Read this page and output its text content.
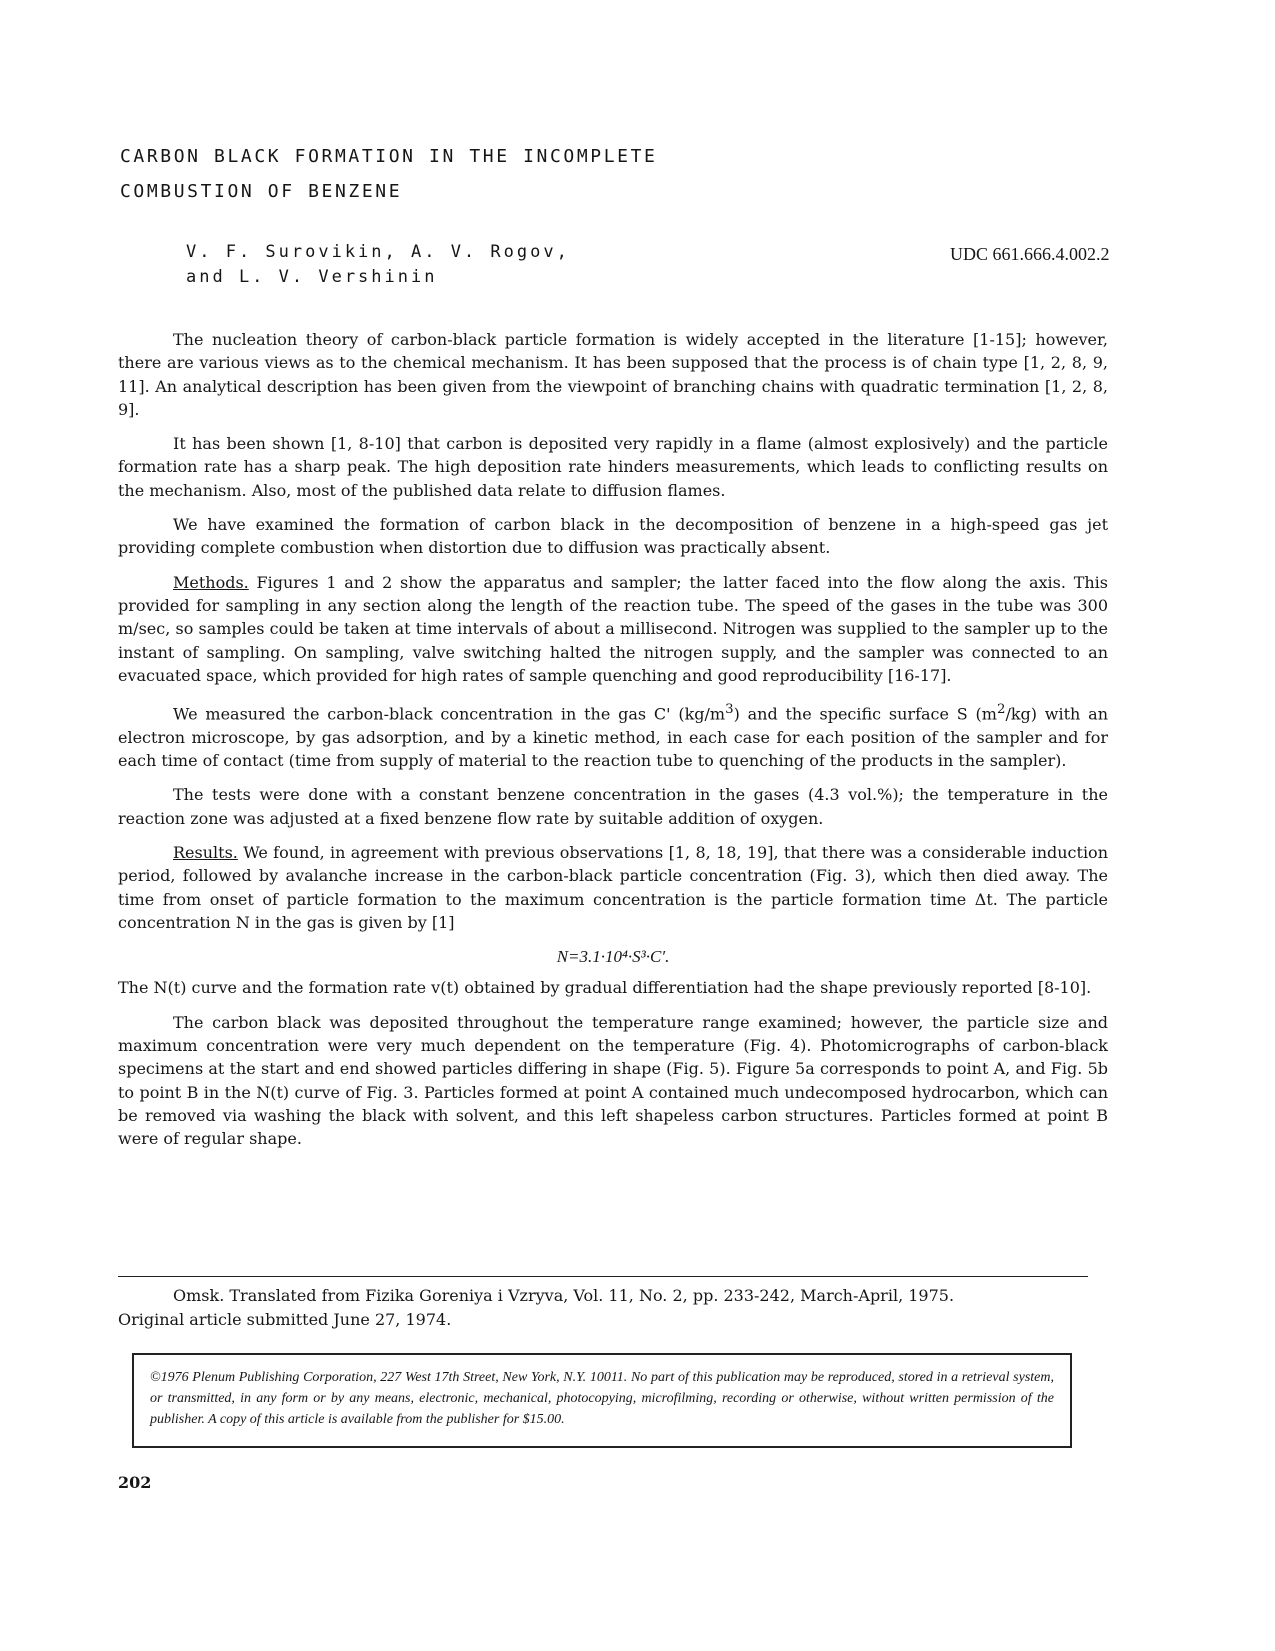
CARBON BLACK FORMATION IN THE INCOMPLETE
COMBUSTION OF BENZENE
V. F. Surovikin, A. V. Rogov,
and L. V. Vershinin
UDC 661.666.4.002.2

The nucleation theory of carbon-black particle formation is widely accepted in the literature [1-15]; however, there are various views as to the chemical mechanism. It has been supposed that the process is of chain type [1, 2, 8, 9, 11]. An analytical description has been given from the viewpoint of branching chains with quadratic termination [1, 2, 8, 9].

It has been shown [1, 8-10] that carbon is deposited very rapidly in a flame (almost explosively) and the particle formation rate has a sharp peak. The high deposition rate hinders measurements, which leads to conflicting results on the mechanism. Also, most of the published data relate to diffusion flames.

We have examined the formation of carbon black in the decomposition of benzene in a high-speed gas jet providing complete combustion when distortion due to diffusion was practically absent.

Methods. Figures 1 and 2 show the apparatus and sampler; the latter faced into the flow along the axis. This provided for sampling in any section along the length of the reaction tube. The speed of the gases in the tube was 300 m/sec, so samples could be taken at time intervals of about a millisecond. Nitrogen was supplied to the sampler up to the instant of sampling. On sampling, valve switching halted the nitrogen supply, and the sampler was connected to an evacuated space, which provided for high rates of sample quenching and good reproducibility [16-17].

We measured the carbon-black concentration in the gas C' $(kg/m^3)$ and the specific surface S $(m^2/kg)$ with an electron microscope, by gas adsorption, and by a kinetic method, in each case for each position of the sampler and for each time of contact (time from supply of material to the reaction tube to quenching of the products in the sampler).

The tests were done with a constant benzene concentration in the gases (4.3 vol.%); the temperature in the reaction zone was adjusted at a fixed benzene flow rate by suitable addition of oxygen.

Results. We found, in agreement with previous observations [1, 8, 18, 19], that there was a considerable induction period, followed by avalanche increase in the carbon-black particle concentration (Fig. 3), which then died away. The time from onset of particle formation to the maximum concentration is the particle formation time Δt. The particle concentration N in the gas is given by [1]

N=3.1·10⁴·S³·C′.

The N(t) curve and the formation rate v(t) obtained by gradual differentiation had the shape previously reported [8-10].

The carbon black was deposited throughout the temperature range examined; however, the particle size and maximum concentration were very much dependent on the temperature (Fig. 4). Photomicrographs of carbon-black specimens at the start and end showed particles differing in shape (Fig. 5). Figure 5a corresponds to point A, and Fig. 5b to point B in the N(t) curve of Fig. 3. Particles formed at point A contained much undecomposed hydrocarbon, which can be removed via washing the black with solvent, and this left shapeless carbon structures. Particles formed at point B were of regular shape.

Omsk. Translated from Fizika Goreniya i Vzryva, Vol. 11, No. 2, pp. 233-242, March-April, 1975.
Original article submitted June 27, 1974.

©1976 Plenum Publishing Corporation, 227 West 17th Street, New York, N.Y. 10011. No part of this publication may be reproduced, stored in a retrieval system, or transmitted, in any form or by any means, electronic, mechanical, photocopying, microfilming, recording or otherwise, without written permission of the publisher. A copy of this article is available from the publisher for $15.00.

202
